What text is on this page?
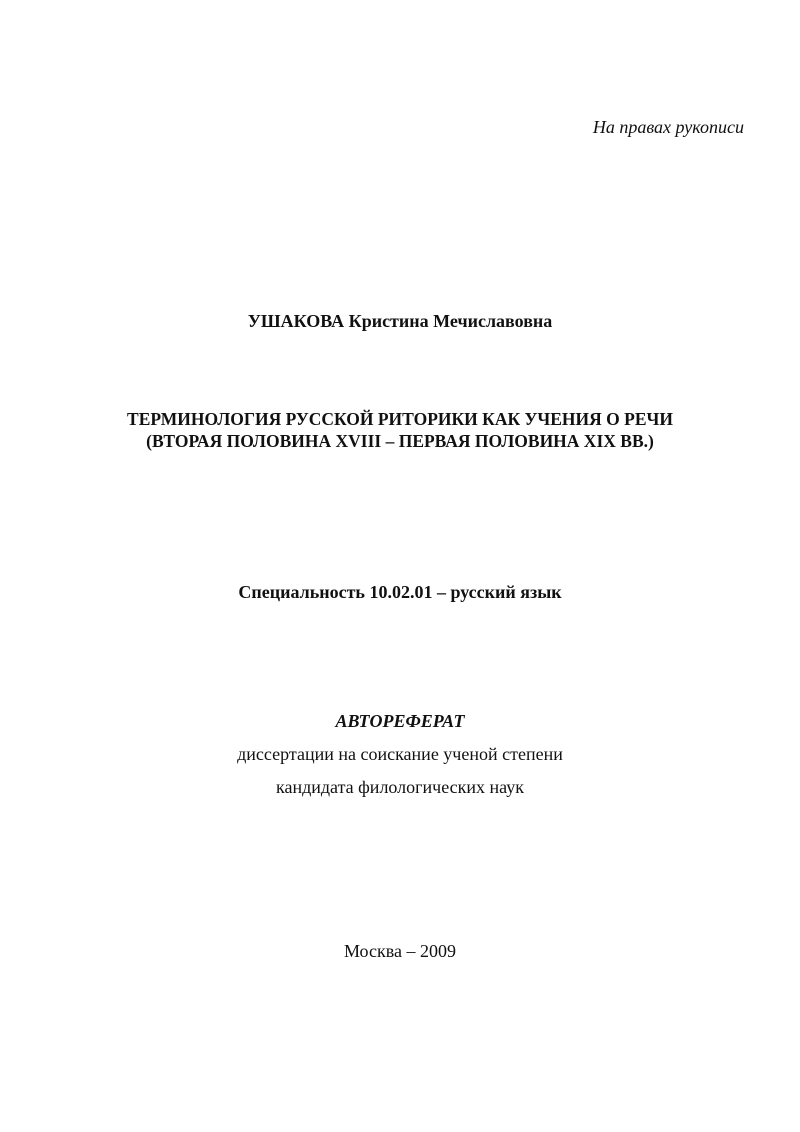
На правах рукописи
УШАКОВА Кристина Мечиславовна
ТЕРМИНОЛОГИЯ РУССКОЙ РИТОРИКИ КАК УЧЕНИЯ О РЕЧИ
(ВТОРАЯ ПОЛОВИНА XVIII – ПЕРВАЯ ПОЛОВИНА XIX ВВ.)
Специальность 10.02.01 – русский язык
АВТОРЕФЕРАТ
диссертации на соискание ученой степени
кандидата филологических наук
Москва – 2009
